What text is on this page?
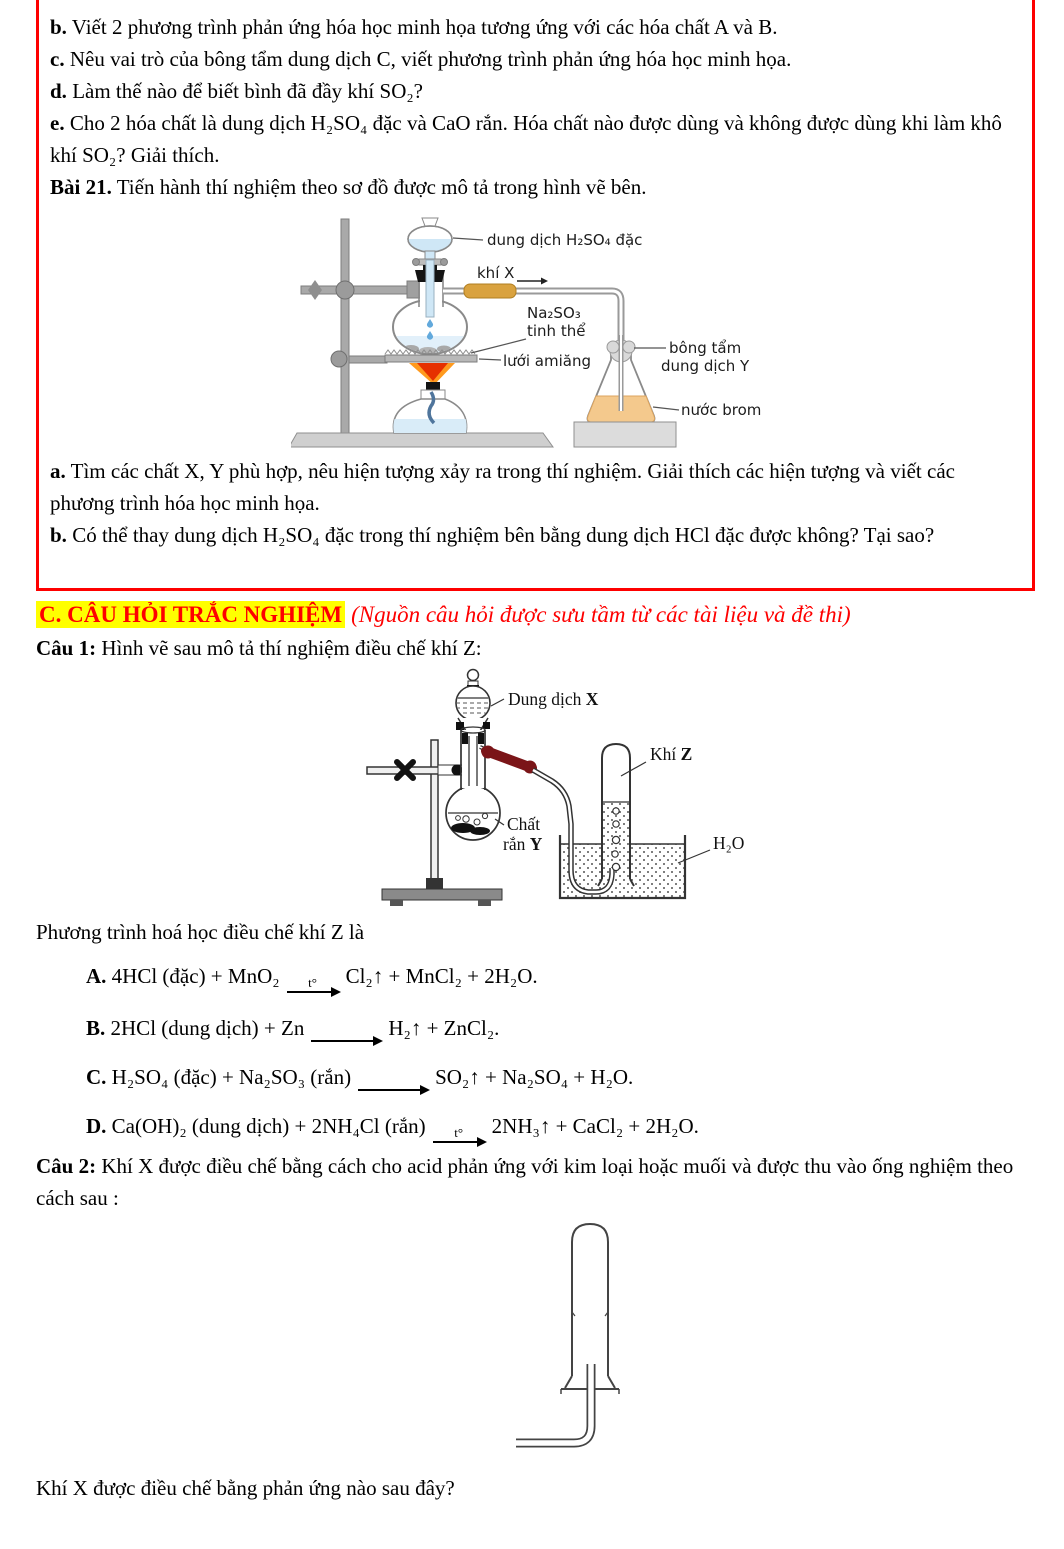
b. Viết 2 phương trình phản ứng hóa học minh họa tương ứng với các hóa chất A và B.

c. Nêu vai trò của bông tẩm dung dịch C, viết phương trình phản ứng hóa học minh họa.

d. Làm thế nào để biết bình đã đầy khí SO₂?

e. Cho 2 hóa chất là dung dịch H₂SO₄ đặc và CaO rắn. Hóa chất nào được dùng và không được dùng khi làm khô khí SO₂? Giải thích.

Bài 21. Tiến hành thí nghiệm theo sơ đồ được mô tả trong hình vẽ bên.

dung dịch H₂SO₄ đặc
khí X
Na₂SO₃
tinh thể
lưới amiăng
bông tẩm
dung dịch Y
nước brom

a. Tìm các chất X, Y phù hợp, nêu hiện tượng xảy ra trong thí nghiệm. Giải thích các hiện tượng và viết các phương trình hóa học minh họa.

b. Có thể thay dung dịch H₂SO₄ đặc trong thí nghiệm bên bằng dung dịch HCl đặc được không? Tại sao?

C. CÂU HỎI TRẮC NGHIỆM (Nguồn câu hỏi được sưu tầm từ các tài liệu và đề thi)

Câu 1: Hình vẽ sau mô tả thí nghiệm điều chế khí Z:

Dung dịch X
Khí Z
Chất
rắn Y	H₂O

Phương trình hoá học điều chế khí Z là

A. 4HCl (đặc) + MnO₂ t° Cl₂↑ + MnCl₂ + 2H₂O.

B. 2HCl (dung dịch) + Zn → H₂↑ + ZnCl₂.

C. H₂SO₄ (đặc) + Na₂SO₃ (rắn) → SO₂↑ + Na₂SO₄ + H₂O.

D. Ca(OH)₂ (dung dịch) + 2NH₄Cl (rắn) t° 2NH₃↑ + CaCl₂ + 2H₂O.

Câu 2: Khí X được điều chế bằng cách cho acid phản ứng với kim loại hoặc muối và được thu vào ống nghiệm theo cách sau :

Khí X được điều chế bằng phản ứng nào sau đây?
